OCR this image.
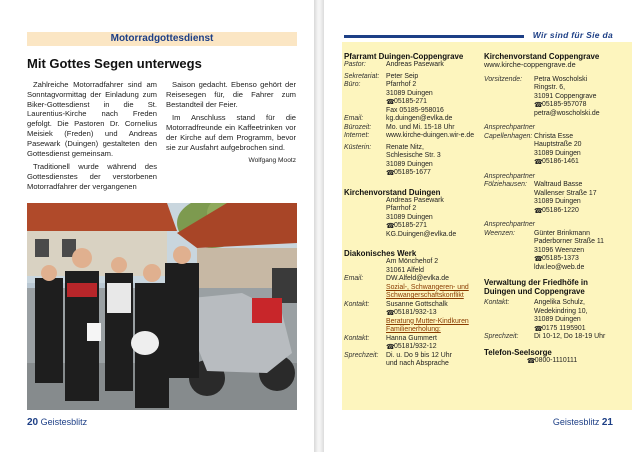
Motorradgottesdienst
Mit Gottes Segen unterwegs

Zahlreiche Motorradfahrer sind am Sonntagvormittag der Einladung zum Biker-Gottesdienst in die St. Laurentius-Kirche nach Freden gefolgt. Die Pastoren Dr. Cornelius Meisiek (Freden) und Andreas Pasewark (Duingen) gestalteten den Gottesdienst gemeinsam.

Traditionell wurde während des Gottesdienstes der verstorbenen Motorradfahrer der vergangenen

Saison gedacht. Ebenso gehört der Reisesegen für, die Fahrer zum Bestandteil der Feier.

Im Anschluss stand für die Motorradfreunde ein Kaffeetrinken vor der Kirche auf dem Programm, bevor sie zur Ausfahrt aufgebrochen sind.

Wolfgang Mootz

20 Geistesblitz
Wir sind für Sie da
Pfarramt Duingen-Coppengrave
Pastor:	Andreas Pasewark
Sekretariat: Peter Seip
Büro:	Pfarrhof 2
31089 Duingen
☎05185-271
Fax 05185-958016
Email:	kg.duingen@evlka.de
Bürozeit:	Mo. und Mi. 15-18 Uhr
Internet:	www.kirche-duingen.wir-e.de
Küsterin:	Renate Nitz,
Schlesische Str. 3
31089 Duingen
☎05185-1677
Kirchenvorstand Duingen
Andreas Pasewark
Pfarrhof 2
31089 Duingen
☎05185-271
KG.Duingen@evlka.de
Diakonisches Werk
Am Mönchehof 2
31061 Alfeld
Email:	DW.Alfeld@evlka.de
Sozial-, Schwangeren- und Schwangerschaftskonflikt
Kontakt:	Susanne Gottschalk
☎05181/932-13
Beratung Mutter-Kindkuren Familienerholung:
Kontakt:	Hanna Gummert
☎05181/932-12
Sprechzeit:	Di. u. Do 9 bis 12 Uhr
und nach Absprache
Kirchenvorstand Coppengrave
www.kirche-coppengrave.de
Vorsitzende:	Petra Woscholski
Ringstr. 6,
31091 Coppengrave
☎05185-957078
petra@woscholski.de
Ansprechpartner
Capellenhagen: Christa Esse
Hauptstraße 20
31089 Duingen
☎05186-1461
Ansprechpartner
Fölziehausen:	Waltraud Basse
Wallenser Straße 17
31089 Duingen
☎05186-1220
Ansprechpartner
Weenzen:	Günter Brinkmann
Paderborner Straße 11
31096 Weenzen
☎05185-1373
ldw.leo@web.de
Verwaltung der Friedhöfe in Duingen und Coppengrave
Kontakt:	Angelika Schulz,
Wedekindring 10,
31089 Duingen
☎0175 1195901
Sprechzeit:	Di 10-12, Do 18-19 Uhr
Telefon-Seelsorge
☎0800-1110111
Geistesblitz 21
